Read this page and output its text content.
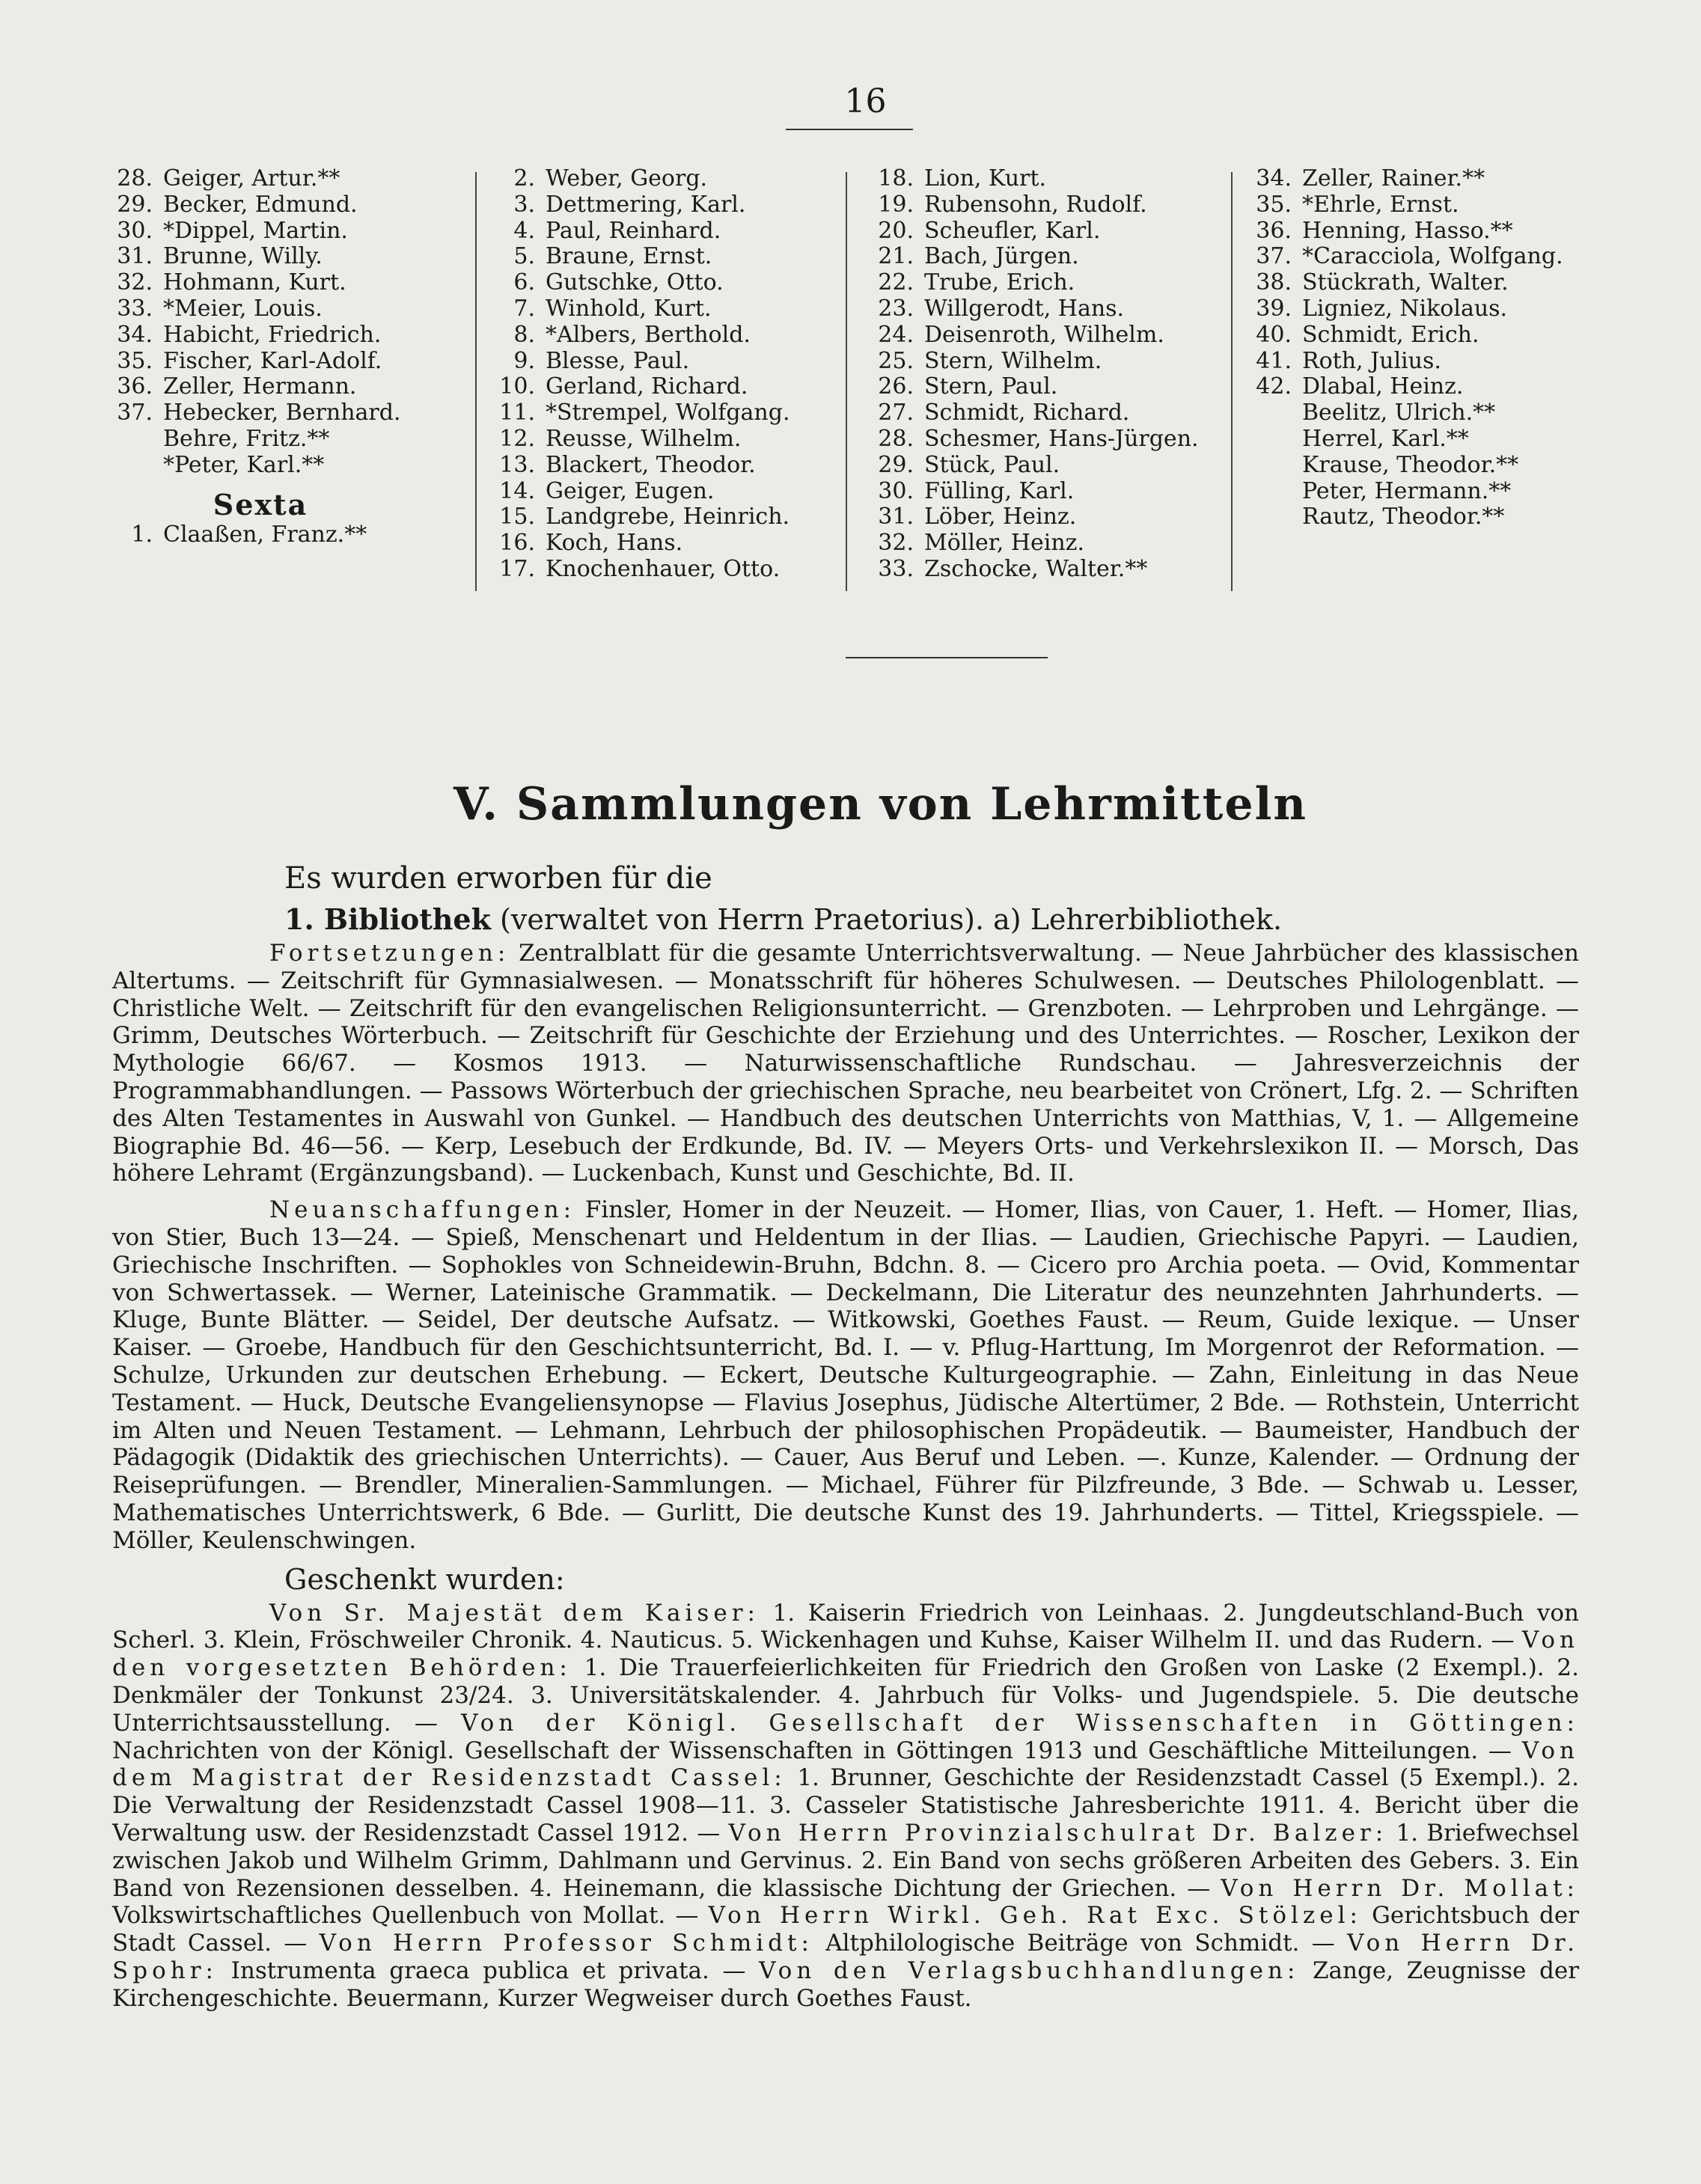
16
28. Geiger, Artur.**
29. Becker, Edmund.
30. *Dippel, Martin.
31. Brunne, Willy.
32. Hohmann, Kurt.
33. *Meier, Louis.
34. Habicht, Friedrich.
35. Fischer, Karl-Adolf.
36. Zeller, Hermann.
37. Hebecker, Bernhard.
Behre, Fritz.**
*Peter, Karl.**
Sexta
1. Claaßen, Franz.**
2. Weber, Georg.
3. Dettmering, Karl.
4. Paul, Reinhard.
5. Braune, Ernst.
6. Gutschke, Otto.
7. Winhold, Kurt.
8. *Albers, Berthold.
9. Blesse, Paul.
10. Gerland, Richard.
11. *Strempel, Wolfgang.
12. Reusse, Wilhelm.
13. Blackert, Theodor.
14. Geiger, Eugen.
15. Landgrebe, Heinrich.
16. Koch, Hans.
17. Knochenhauer, Otto.
18. Lion, Kurt.
19. Rubensohn, Rudolf.
20. Scheufler, Karl.
21. Bach, Jürgen.
22. Trube, Erich.
23. Willgerodt, Hans.
24. Deisenroth, Wilhelm.
25. Stern, Wilhelm.
26. Stern, Paul.
27. Schmidt, Richard.
28. Schesmer, Hans-Jürgen.
29. Stück, Paul.
30. Fülling, Karl.
31. Löber, Heinz.
32. Möller, Heinz.
33. Zschocke, Walter.**
34. Zeller, Rainer.**
35. *Ehrle, Ernst.
36. Henning, Hasso.**
37. *Caracciola, Wolfgang.
38. Stückrath, Walter.
39. Ligniez, Nikolaus.
40. Schmidt, Erich.
41. Roth, Julius.
42. Dlabal, Heinz.
Beelitz, Ulrich.**
Herrel, Karl.**
Krause, Theodor.**
Peter, Hermann.**
Rautz, Theodor.**
V. Sammlungen von Lehrmitteln

Es wurden erworben für die

1. Bibliothek (verwaltet von Herrn Praetorius). a) Lehrerbibliothek.

Fortsetzungen: Zentralblatt für die gesamte Unterrichtsverwaltung. — Neue Jahrbücher des klassischen Altertums. — Zeitschrift für Gymnasialwesen. — Monatsschrift für höheres Schulwesen. — Deutsches Philologenblatt. — Christliche Welt. — Zeitschrift für den evangelischen Religionsunterricht. — Grenzboten. — Lehrproben und Lehrgänge. — Grimm, Deutsches Wörterbuch. — Zeitschrift für Geschichte der Erziehung und des Unterrichtes. — Roscher, Lexikon der Mythologie 66/67. — Kosmos 1913. — Naturwissenschaftliche Rundschau. — Jahresverzeichnis der Programmabhandlungen. — Passows Wörterbuch der griechischen Sprache, neu bearbeitet von Crönert, Lfg. 2. — Schriften des Alten Testamentes in Auswahl von Gunkel. — Handbuch des deutschen Unterrichts von Matthias, V, 1. — Allgemeine Biographie Bd. 46—56. — Kerp, Lesebuch der Erdkunde, Bd. IV. — Meyers Orts- und Verkehrslexikon II. — Morsch, Das höhere Lehramt (Ergänzungsband). — Luckenbach, Kunst und Geschichte, Bd. II.

Neuanschaffungen: Finsler, Homer in der Neuzeit. — Homer, Ilias, von Cauer, 1. Heft. — Homer, Ilias, von Stier, Buch 13—24. — Spieß, Menschenart und Heldentum in der Ilias. — Laudien, Griechische Papyri. — Laudien, Griechische Inschriften. — Sophokles von Schneidewin-Bruhn, Bdchn. 8. — Cicero pro Archia poeta. — Ovid, Kommentar von Schwertassek. — Werner, Lateinische Grammatik. — Deckelmann, Die Literatur des neunzehnten Jahrhunderts. — Kluge, Bunte Blätter. — Seidel, Der deutsche Aufsatz. — Witkowski, Goethes Faust. — Reum, Guide lexique. — Unser Kaiser. — Groebe, Handbuch für den Geschichtsunterricht, Bd. I. — v. Pflug-Harttung, Im Morgenrot der Reformation. — Schulze, Urkunden zur deutschen Erhebung. — Eckert, Deutsche Kulturgeographie. — Zahn, Einleitung in das Neue Testament. — Huck, Deutsche Evangeliensynopse — Flavius Josephus, Jüdische Altertümer, 2 Bde. — Rothstein, Unterricht im Alten und Neuen Testament. — Lehmann, Lehrbuch der philosophischen Propädeutik. — Baumeister, Handbuch der Pädagogik (Didaktik des griechischen Unterrichts). — Cauer, Aus Beruf und Leben. —. Kunze, Kalender. — Ordnung der Reiseprüfungen. — Brendler, Mineralien-Sammlungen. — Michael, Führer für Pilzfreunde, 3 Bde. — Schwab u. Lesser, Mathematisches Unterrichtswerk, 6 Bde. — Gurlitt, Die deutsche Kunst des 19. Jahrhunderts. — Tittel, Kriegsspiele. — Möller, Keulenschwingen.

Geschenkt wurden:

Von Sr. Majestät dem Kaiser: 1. Kaiserin Friedrich von Leinhaas. 2. Jungdeutschland-Buch von Scherl. 3. Klein, Fröschweiler Chronik. 4. Nauticus. 5. Wickenhagen und Kuhse, Kaiser Wilhelm II. und das Rudern. — Von den vorgesetzten Behörden: 1. Die Trauerfeierlichkeiten für Friedrich den Großen von Laske (2 Exempl.). 2. Denkmäler der Tonkunst 23/24. 3. Universitätskalender. 4. Jahrbuch für Volks- und Jugendspiele. 5. Die deutsche Unterrichtsausstellung. — Von der Königl. Gesellschaft der Wissenschaften in Göttingen: Nachrichten von der Königl. Gesellschaft der Wissenschaften in Göttingen 1913 und Geschäftliche Mitteilungen. — Von dem Magistrat der Residenzstadt Cassel: 1. Brunner, Geschichte der Residenzstadt Cassel (5 Exempl.). 2. Die Verwaltung der Residenzstadt Cassel 1908—11. 3. Casseler Statistische Jahresberichte 1911. 4. Bericht über die Verwaltung usw. der Residenzstadt Cassel 1912. — Von Herrn Provinzialschulrat Dr. Balzer: 1. Briefwechsel zwischen Jakob und Wilhelm Grimm, Dahlmann und Gervinus. 2. Ein Band von sechs größeren Arbeiten des Gebers. 3. Ein Band von Rezensionen desselben. 4. Heinemann, die klassische Dichtung der Griechen. — Von Herrn Dr. Mollat: Volkswirtschaftliches Quellenbuch von Mollat. — Von Herrn Wirkl. Geh. Rat Exc. Stölzel: Gerichtsbuch der Stadt Cassel. — Von Herrn Professor Schmidt: Altphilologische Beiträge von Schmidt. — Von Herrn Dr. Spohr: Instrumenta graeca publica et privata. — Von den Verlagsbuchhandlungen: Zange, Zeugnisse der Kirchengeschichte. Beuermann, Kurzer Wegweiser durch Goethes Faust.
